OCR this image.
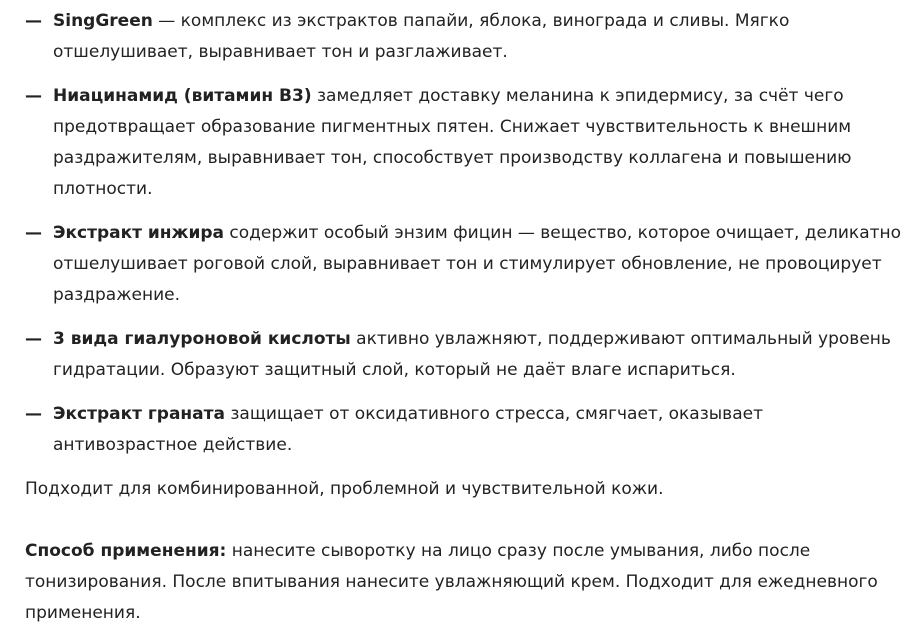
— SingGreen — комплекс из экстрактов папайи, яблока, винограда и сливы. Мягко отшелушивает, выравнивает тон и разглаживает.
— Ниацинамид (витамин B3) замедляет доставку меланина к эпидермису, за счёт чего предотвращает образование пигментных пятен. Снижает чувствительность к внешним раздражителям, выравнивает тон, способствует производству коллагена и повышению плотности.
— Экстракт инжира содержит особый энзим фицин — вещество, которое очищает, деликатно отшелушивает роговой слой, выравнивает тон и стимулирует обновление, не провоцирует раздражение.
— 3 вида гиалуроновой кислоты активно увлажняют, поддерживают оптимальный уровень гидратации. Образуют защитный слой, который не даёт влаге испариться.
— Экстракт граната защищает от оксидативного стресса, смягчает, оказывает антивозрастное действие.

Подходит для комбинированной, проблемной и чувствительной кожи.

Способ применения: нанесите сыворотку на лицо сразу после умывания, либо после тонизирования. После впитывания нанесите увлажняющий крем. Подходит для ежедневного применения.
